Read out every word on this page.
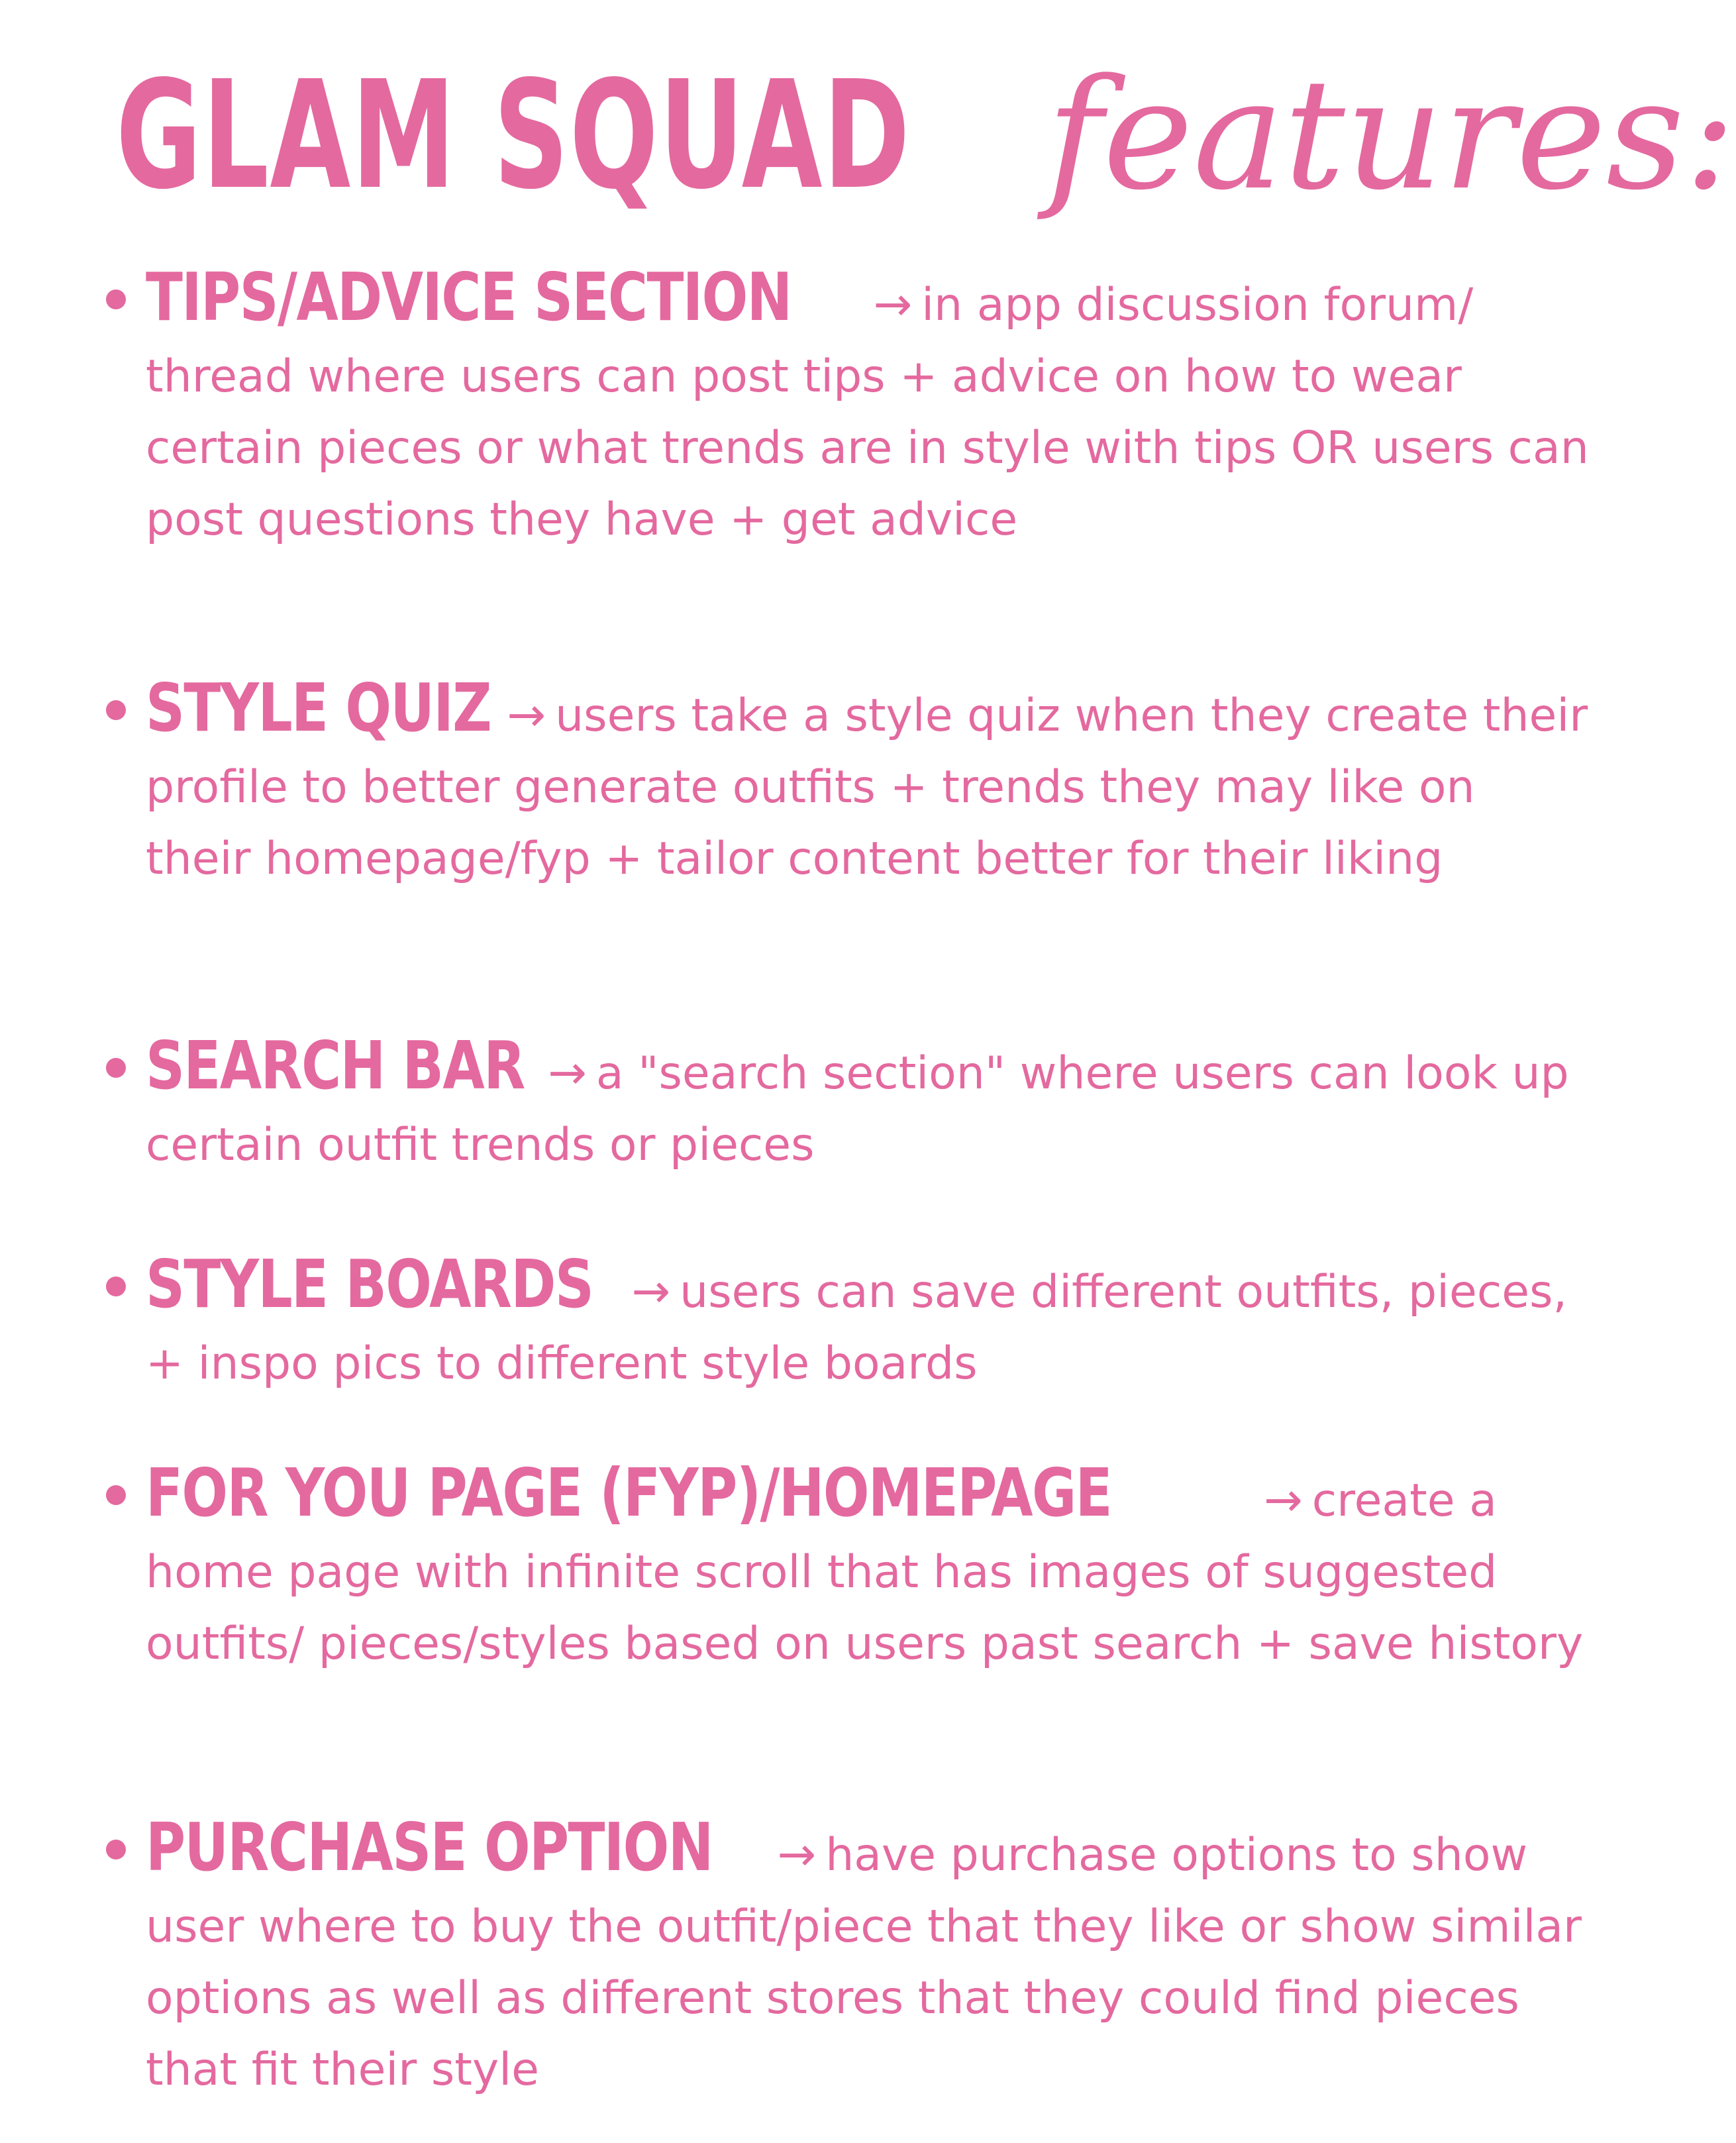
GLAM SQUAD features:
TIPS/ADVICE SECTION → in app discussion forum/ thread where users can post tips + advice on how to wear certain pieces or what trends are in style with tips OR users can post questions they have + get advice
STYLE QUIZ → users take a style quiz when they create their profile to better generate outfits + trends they may like on their homepage/fyp + tailor content better for their liking
SEARCH BAR → a "search section" where users can look up certain outfit trends or pieces
STYLE BOARDS → users can save different outfits, pieces, + inspo pics to different style boards
FOR YOU PAGE (FYP)/HOMEPAGE	→ create a home page with infinite scroll that has images of suggested outfits/ pieces/styles based on users past search + save history
PURCHASE OPTION → have purchase options to show user where to buy the outfit/piece that they like or show similar options as well as different stores that they could find pieces that fit their style
